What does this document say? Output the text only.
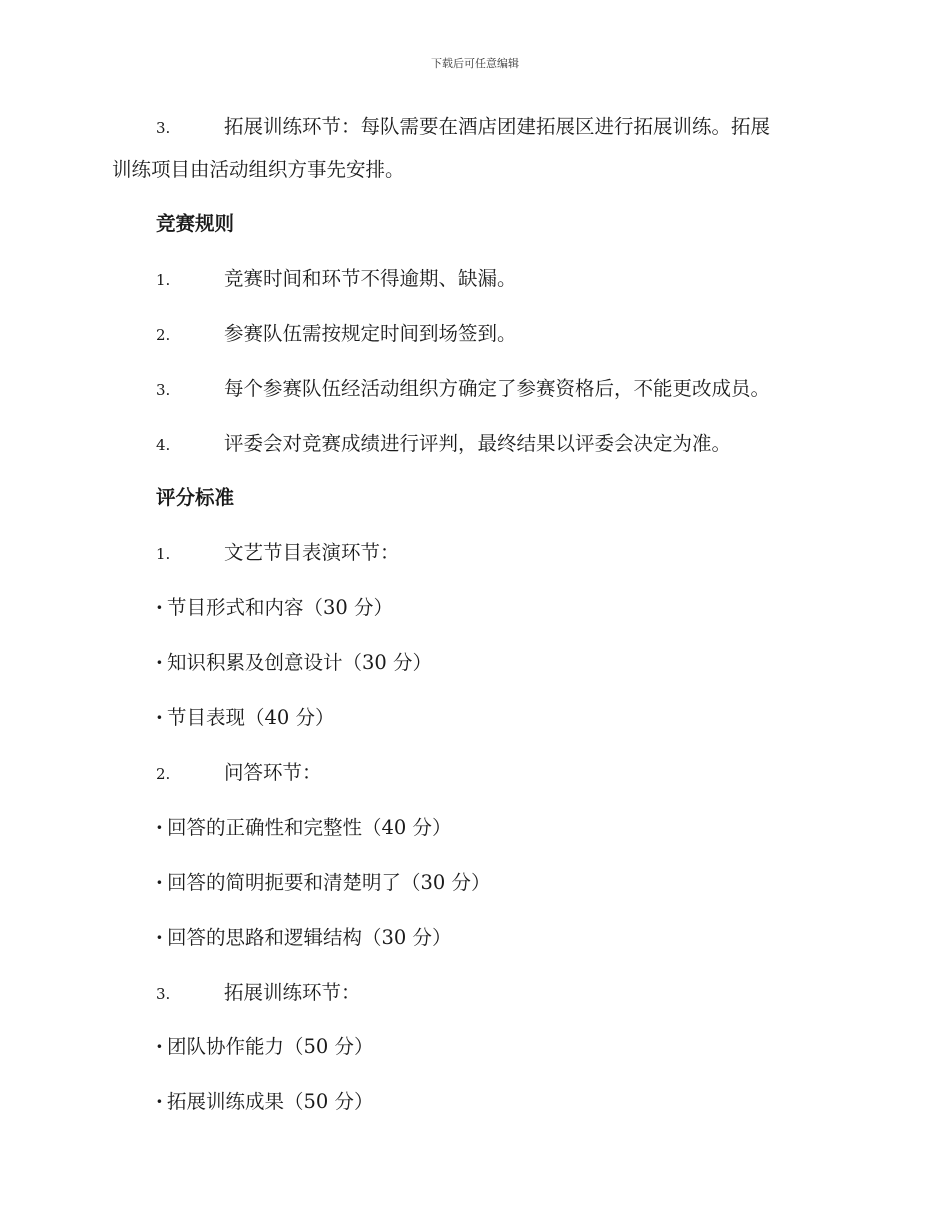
下载后可任意编辑
3.	拓展训练环节：每队需要在酒店团建拓展区进行拓展训练。拓展
训练项目由活动组织方事先安排。
竞赛规则
1.	竞赛时间和环节不得逾期、缺漏。
2.	参赛队伍需按规定时间到场签到。
3.	每个参赛队伍经活动组织方确定了参赛资格后，不能更改成员。
4.	评委会对竞赛成绩进行评判，最终结果以评委会决定为准。
评分标准
1.	文艺节目表演环节：
· 节目形式和内容（30 分）
· 知识积累及创意设计（30 分）
· 节目表现（40 分）
2.	问答环节：
· 回答的正确性和完整性（40 分）
· 回答的简明扼要和清楚明了（30 分）
· 回答的思路和逻辑结构（30 分）
3.	拓展训练环节：
· 团队协作能力（50 分）
· 拓展训练成果（50 分）
